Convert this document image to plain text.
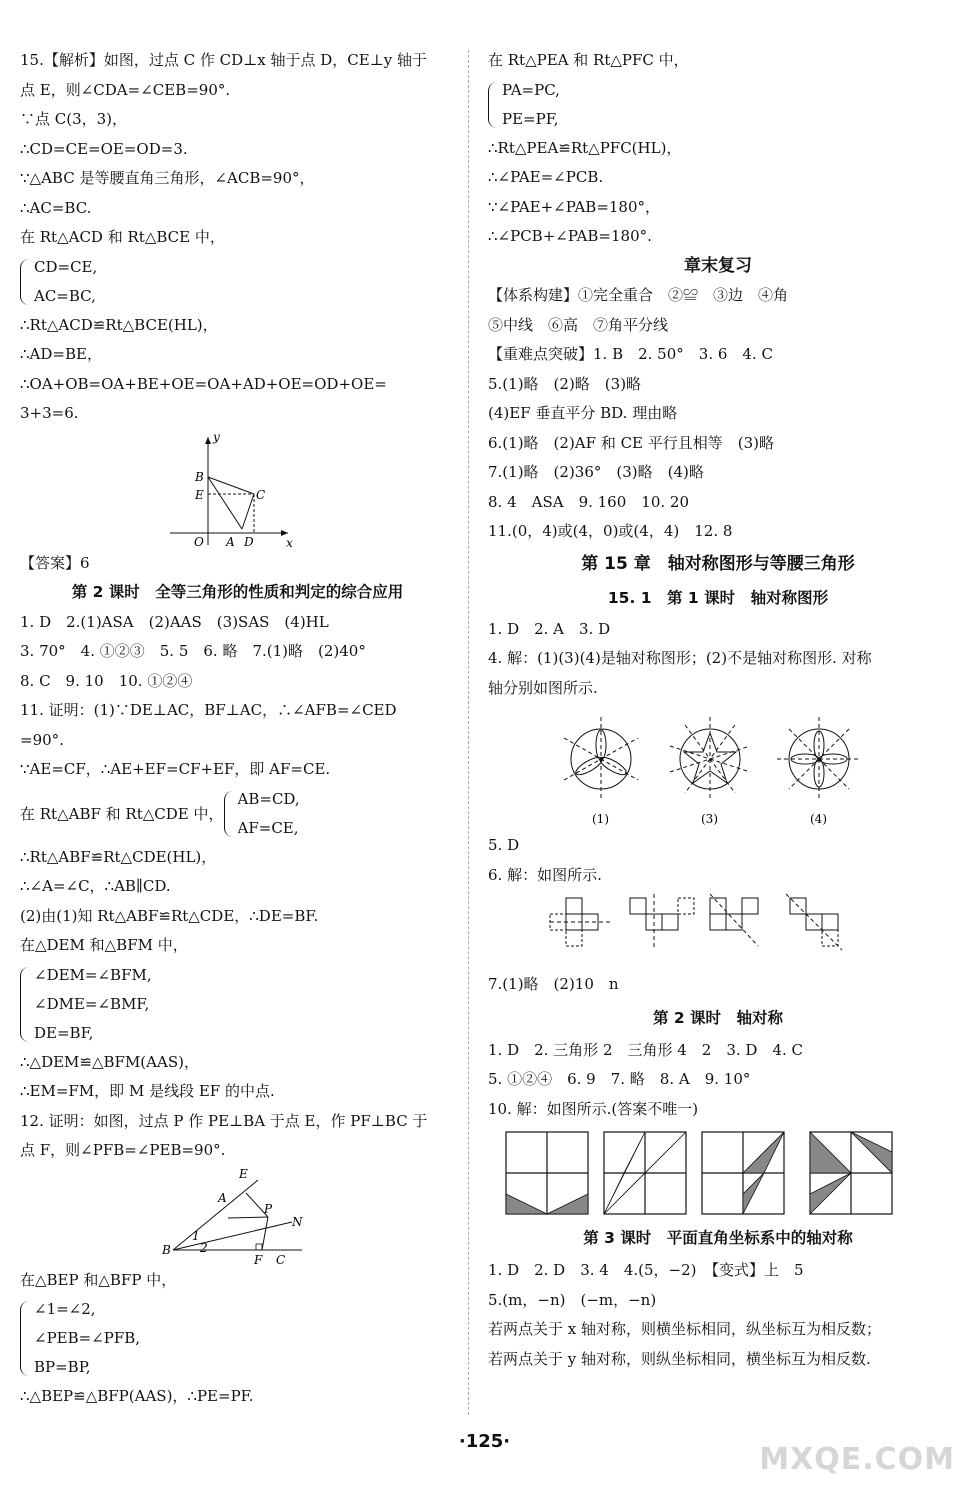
15.【解析】如图，过点 C 作 CD⊥x 轴于点 D，CE⊥y 轴于
点 E，则∠CDA=∠CEB=90°.
∵点 C(3，3)，
∴CD=CE=OE=OD=3.
∵△ABC 是等腰直角三角形，∠ACB=90°，
∴AC=BC.
在 Rt△ACD 和 Rt△BCE 中，
CD=CE,
AC=BC,
∴Rt△ACD≌Rt△BCE(HL)，
∴AD=BE，
∴OA+OB=OA+BE+OE=OA+AD+OE=OD+OE=
3+3=6.
y
x
B
E	C
O A D
【答案】6
第 2 课时　全等三角形的性质和判定的综合应用
1. D　2.(1)ASA　(2)AAS　(3)SAS　(4)HL
3. 70°　4. ①②③　5. 5　6. 略　7.(1)略　(2)40°
8. C　9. 10　10. ①②④
11. 证明：(1)∵DE⊥AC，BF⊥AC，∴∠AFB=∠CED
=90°.
∵AE=CF，∴AE+EF=CF+EF，即 AF=CE.
在 Rt△ABF 和 Rt△CDE 中，
AB=CD,
AF=CE,
∴Rt△ABF≌Rt△CDE(HL)，
∴∠A=∠C，∴AB∥CD.
(2)由(1)知 Rt△ABF≌Rt△CDE，∴DE=BF.
在△DEM 和△BFM 中，
∠DEM=∠BFM,
∠DME=∠BMF,
DE=BF,
∴△DEM≌△BFM(AAS)，
∴EM=FM，即 M 是线段 EF 的中点.
12. 证明：如图，过点 P 作 PE⊥BA 于点 E，作 PF⊥BC 于
点 F，则∠PFB=∠PEB=90°.
E
A
P
N
B
1
2
F C
在△BEP 和△BFP 中，
∠1=∠2,
∠PEB=∠PFB,
BP=BP,
∴△BEP≌△BFP(AAS)，∴PE=PF.
在 Rt△PEA 和 Rt△PFC 中，
PA=PC,
PE=PF,
∴Rt△PEA≌Rt△PFC(HL)，
∴∠PAE=∠PCB.
∵∠PAE+∠PAB=180°，
∴∠PCB+∠PAB=180°.
章末复习
【体系构建】①完全重合　②≌　③边　④角
⑤中线　⑥高　⑦角平分线
【重难点突破】1. B　2. 50°　3. 6　4. C
5.(1)略　(2)略　(3)略
(4)EF 垂直平分 BD. 理由略
6.(1)略　(2)AF 和 CE 平行且相等　(3)略
7.(1)略　(2)36°　(3)略　(4)略
8. 4　ASA　9. 160　10. 20
11.(0，4)或(4，0)或(4，4)　12. 8
第 15 章　轴对称图形与等腰三角形
15. 1　第 1 课时　轴对称图形
1. D　2. A　3. D
4. 解：(1)(3)(4)是轴对称图形；(2)不是轴对称图形. 对称
轴分别如图所示.
(1)	(3)	(4)
5. D
6. 解：如图所示.
7.(1)略　(2)10　n
第 2 课时　轴对称
1. D　2. 三角形 2　三角形 4　2　3. D　4. C
5. ①②④　6. 9　7. 略　8. A　9. 10°
10. 解：如图所示.(答案不唯一)
第 3 课时　平面直角坐标系中的轴对称
1. D　2. D　3. 4　4.(5，−2)　【变式】上　5
5.(m，−n)　(−m，−n)
若两点关于 x 轴对称，则横坐标相同，纵坐标互为相反数；
若两点关于 y 轴对称，则纵坐标相同，横坐标互为相反数.
·125·
MXQE.COM
